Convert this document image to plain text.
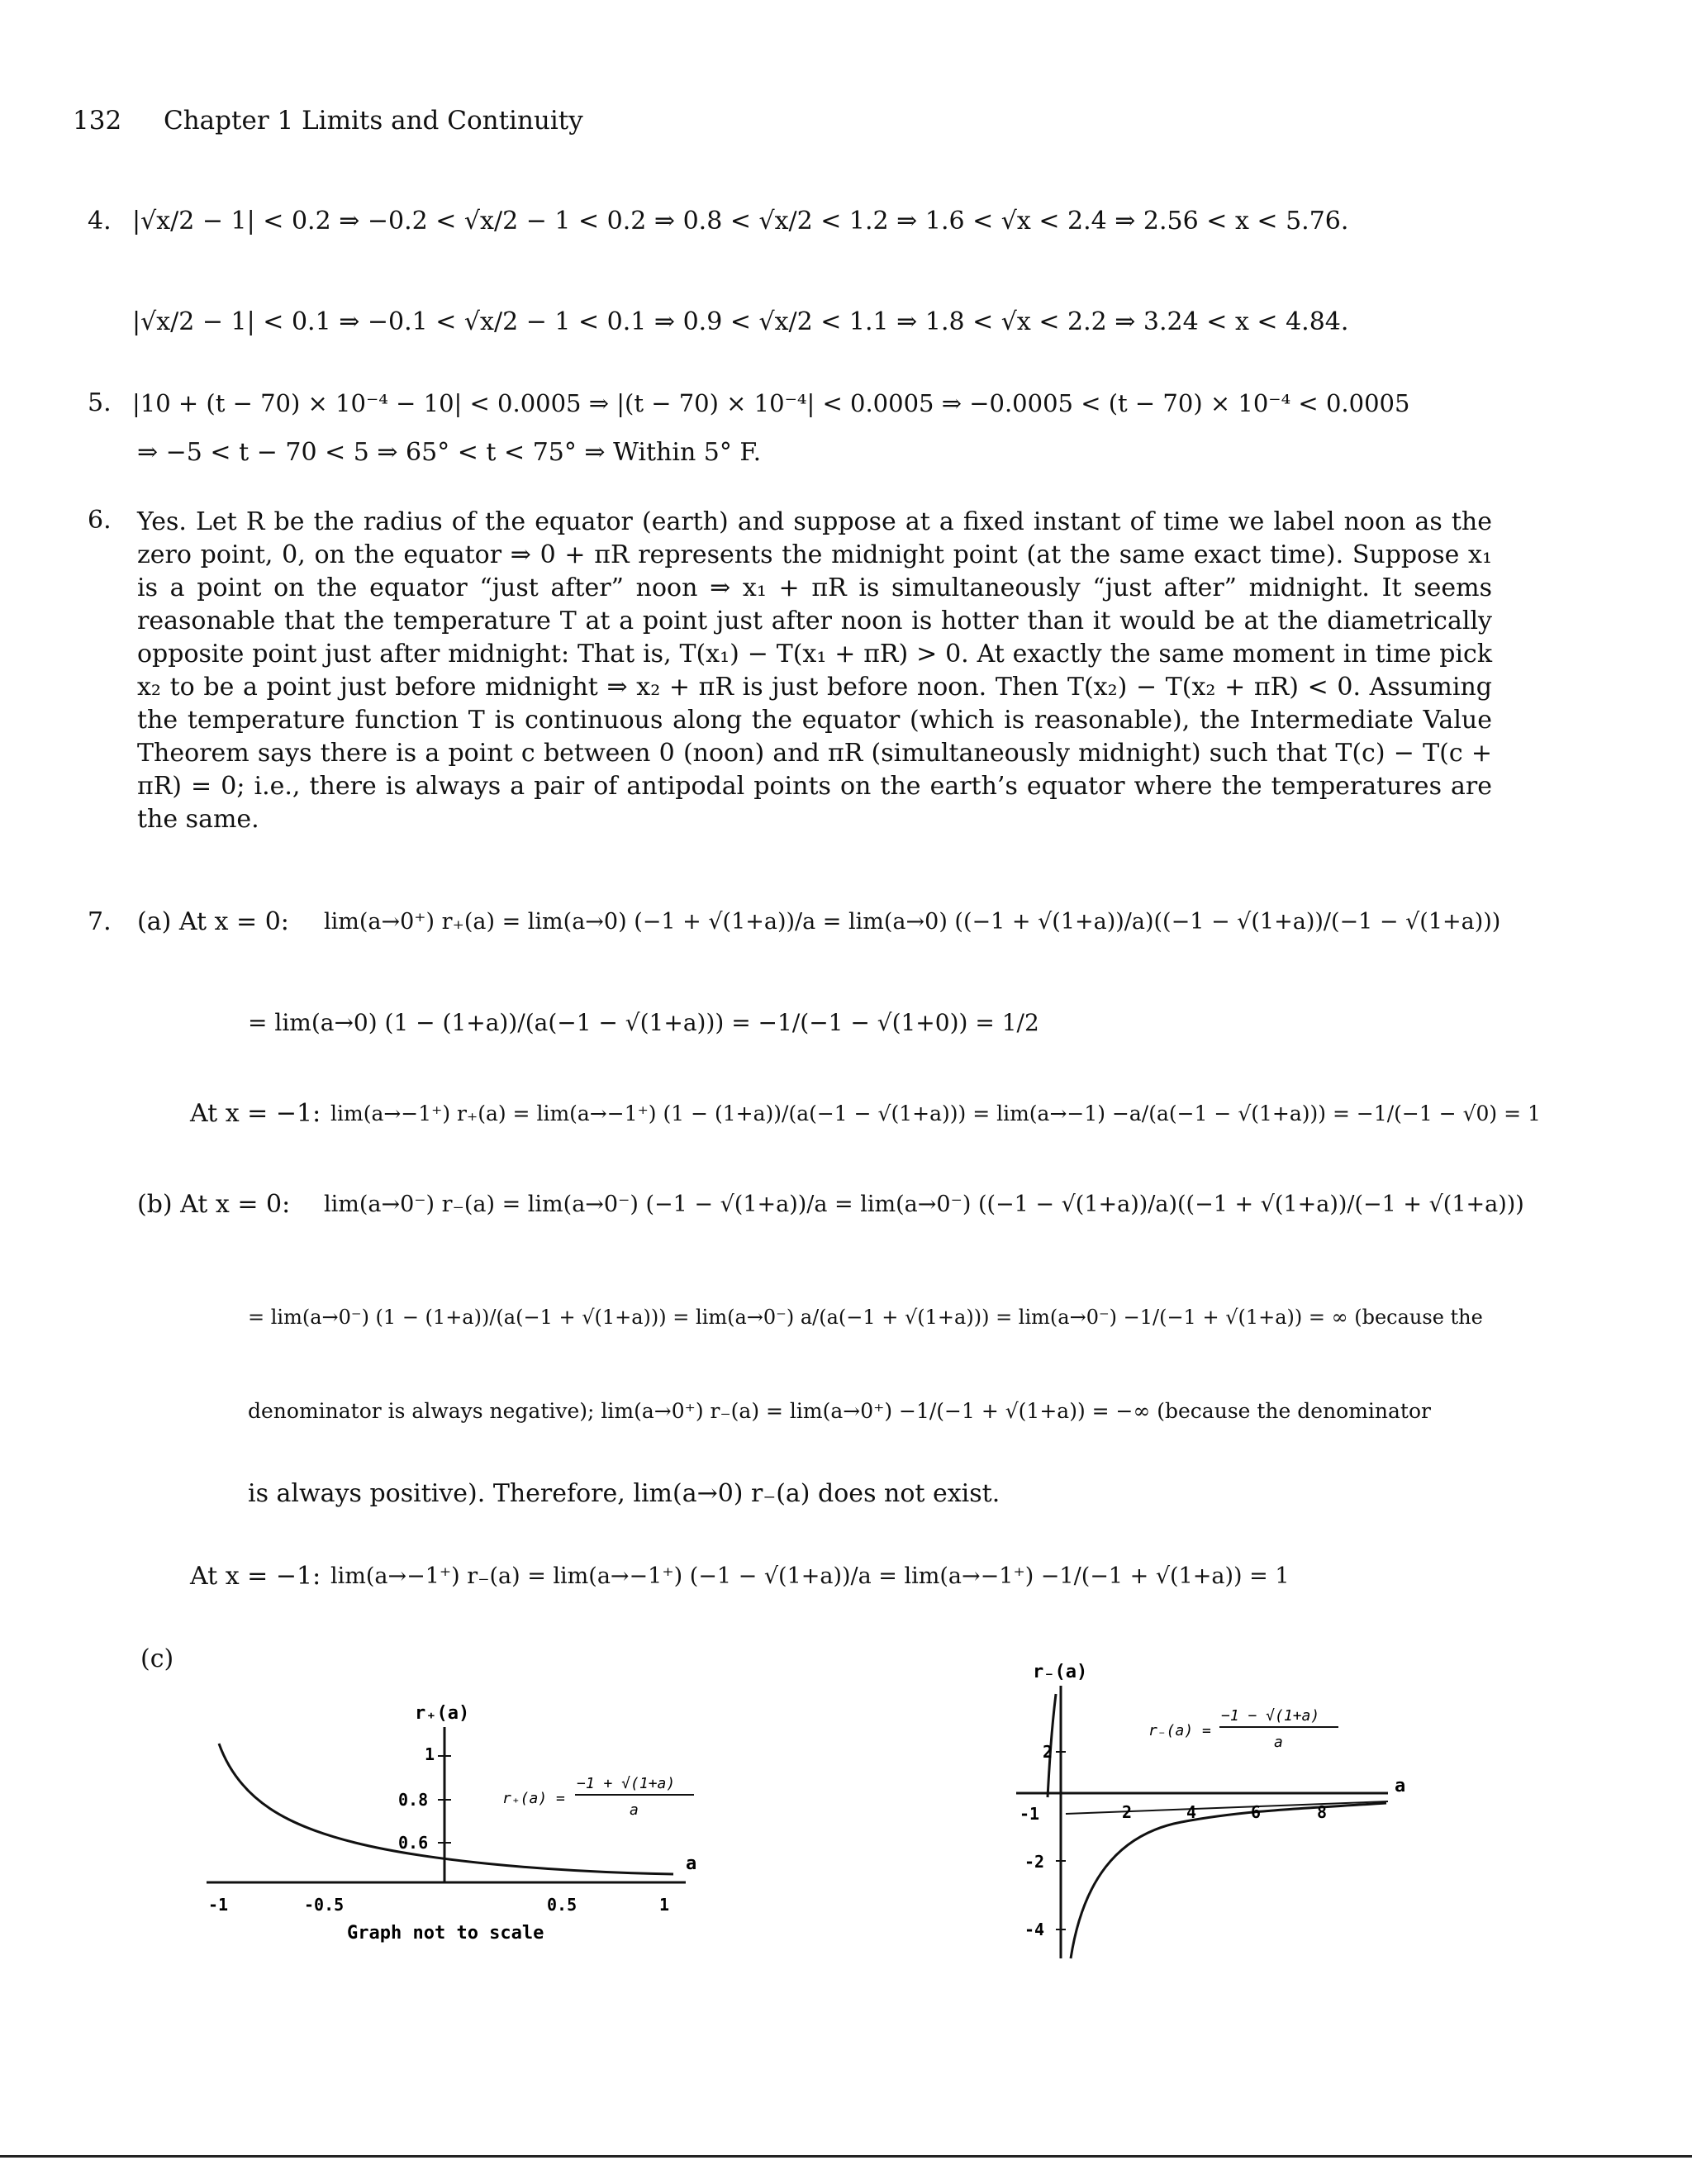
132 Chapter 1 Limits and Continuity
4. |√x/2 − 1| < 0.2 ⇒ −0.2 < √x/2 − 1 < 0.2 ⇒ 0.8 < √x/2 < 1.2 ⇒ 1.6 < √x < 2.4 ⇒ 2.56 < x < 5.76.
|√x/2 − 1| < 0.1 ⇒ −0.1 < √x/2 − 1 < 0.1 ⇒ 0.9 < √x/2 < 1.1 ⇒ 1.8 < √x < 2.2 ⇒ 3.24 < x < 4.84.
5. |10 + (t − 70) × 10⁻⁴ − 10| < 0.0005 ⇒ |(t − 70) × 10⁻⁴| < 0.0005 ⇒ −0.0005 < (t − 70) × 10⁻⁴ < 0.0005
⇒ −5 < t − 70 < 5 ⇒ 65° < t < 75° ⇒ Within 5° F.
6. Yes. Let R be the radius of the equator (earth) and suppose at a fixed instant of time we label noon as the zero point, 0, on the equator ⇒ 0 + πR represents the midnight point (at the same exact time). Suppose x₁ is a point on the equator “just after” noon ⇒ x₁ + πR is simultaneously “just after” midnight. It seems reasonable that the temperature T at a point just after noon is hotter than it would be at the diametrically opposite point just after midnight: That is, T(x₁) − T(x₁ + πR) > 0. At exactly the same moment in time pick x₂ to be a point just before midnight ⇒ x₂ + πR is just before noon. Then T(x₂) − T(x₂ + πR) < 0. Assuming the temperature function T is continuous along the equator (which is reasonable), the Intermediate Value Theorem says there is a point c between 0 (noon) and πR (simultaneously midnight) such that T(c) − T(c + πR) = 0; i.e., there is always a pair of antipodal points on the earth’s equator where the temperatures are the same.
7. (a) At x = 0: lim(a→0⁺) r₊(a) = lim(a→0) (−1 + √(1+a))/a = lim(a→0) ((−1 + √(1+a))/a)((−1 − √(1+a))/(−1 − √(1+a)))
= lim(a→0) (1 − (1+a))/(a(−1 − √(1+a))) = −1/(−1 − √(1+0)) = 1/2
At x = −1: lim(a→−1⁺) r₊(a) = lim(a→−1⁺) (1 − (1+a))/(a(−1 − √(1+a))) = lim(a→−1) −a/(a(−1 − √(1+a))) = −1/(−1 − √0) = 1
(b) At x = 0: lim(a→0⁻) r₋(a) = lim(a→0⁻) (−1 − √(1+a))/a = lim(a→0⁻) ((−1 − √(1+a))/a)((−1 + √(1+a))/(−1 + √(1+a)))
= lim(a→0⁻) (1 − (1+a))/(a(−1 + √(1+a))) = lim(a→0⁻) a/(a(−1 + √(1+a))) = lim(a→0⁻) −1/(−1 + √(1+a)) = ∞ (because the
denominator is always negative); lim(a→0⁺) r₋(a) = lim(a→0⁺) −1/(−1 + √(1+a)) = −∞ (because the denominator
is always positive). Therefore, lim(a→0) r₋(a) does not exist.
At x = −1: lim(a→−1⁺) r₋(a) = lim(a→−1⁺) (−1 − √(1+a))/a = lim(a→−1⁺) −1/(−1 + √(1+a)) = 1
(c)
r₊(a)
a
1
0.8
0.6
-1	-0.5	0.5	1
Graph not to scale
r₊(a) =
−1 + √(1+a)
a
r₋(a)
a
2
-1
-2
-4
2	4	6	8
r₋(a) =
−1 − √(1+a)
a
